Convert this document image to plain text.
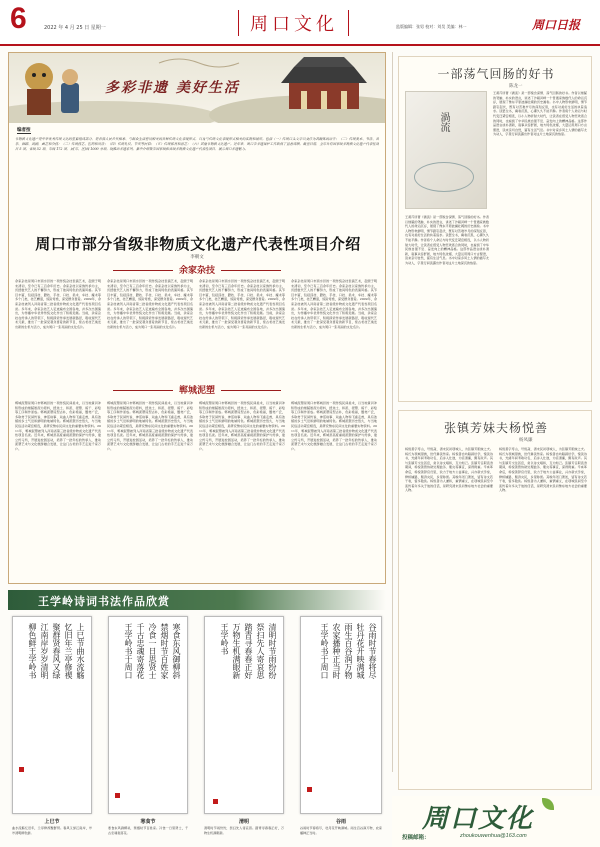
6	2022 年 4 月 25 日 星期一	周口文化	监版编辑：张男 校对：刘昊 美编：林一	周口日报
多彩非遗 美好生活
编者按
非物质文化遗产是中华优秀传统文化的重要组成部分，是各族人民世代相承、与群众生活密切相关的各种传统文化表现形式，以及与传统文化表现形式相关的实物和场所。包括（一）传统口头文学以及作为其载体的语言；（二）传统美术、书法、音乐、舞蹈、戏剧、曲艺和杂技；（三）传统技艺、医药和历法；（四）传统礼仪、节庆等民俗；（五）传统体育和游艺；（六）其他非物质文化遗产。近年来，周口市非遗保护工作取得了显著成绩，截至目前，全市共有国家级非物质文化遗产代表性项目 5 项、省级 52 项、市级 172 项，县(市、区)级 1000 余项。现推出非遗系列，集中介绍我市国家级和省级非物质文化遗产代表性项目，展示周口非遗魅力。
周口市部分省级非物质文化遗产代表性项目介绍
李朝文
余家杂技
余家杂技是周口市商水县的一项传统杂技表演艺术，起源于明末清初，至今已有三百余年历史。余家杂技以家族传承为主，历经数代艺人的不懈努力，形成了独具特色的表演风格。其节目丰富，包括顶技、蹬技、手技、口技、柔术、车技、魔术等多个门类，技艺精湛，惊险奇绝，深受群众喜爱。2009年，余家杂技被列入河南省第二批省级非物质文化遗产代表性项目名录。多年来，余家杂技艺人足迹遍布全国各地，并多次出国演出，为传播中华优秀传统文化作出了积极贡献。当前，余家杂技在传承人的带领下，积极探索传承发展新路径，吸收现代艺术元素，推出了一批深受观众喜爱的新节目，使古老技艺焕发出新的生机与活力，成为周口一张亮丽的文化名片。
余家杂技是周口市商水县的一项传统杂技表演艺术，起源于明末清初，至今已有三百余年历史。余家杂技以家族传承为主，历经数代艺人的不懈努力，形成了独具特色的表演风格。其节目丰富，包括顶技、蹬技、手技、口技、柔术、车技、魔术等多个门类，技艺精湛，惊险奇绝，深受群众喜爱。2009年，余家杂技被列入河南省第二批省级非物质文化遗产代表性项目名录。多年来，余家杂技艺人足迹遍布全国各地，并多次出国演出，为传播中华优秀传统文化作出了积极贡献。当前，余家杂技在传承人的带领下，积极探索传承发展新路径，吸收现代艺术元素，推出了一批深受观众喜爱的新节目，使古老技艺焕发出新的生机与活力，成为周口一张亮丽的文化名片。
余家杂技是周口市商水县的一项传统杂技表演艺术，起源于明末清初，至今已有三百余年历史。余家杂技以家族传承为主，历经数代艺人的不懈努力，形成了独具特色的表演风格。其节目丰富，包括顶技、蹬技、手技、口技、柔术、车技、魔术等多个门类，技艺精湛，惊险奇绝，深受群众喜爱。2009年，余家杂技被列入河南省第二批省级非物质文化遗产代表性项目名录。多年来，余家杂技艺人足迹遍布全国各地，并多次出国演出，为传播中华优秀传统文化作出了积极贡献。当前，余家杂技在传承人的带领下，积极探索传承发展新路径，吸收现代艺术元素，推出了一批深受观众喜爱的新节目，使古老技艺焕发出新的生机与活力，成为周口一张亮丽的文化名片。
余家杂技是周口市商水县的一项传统杂技表演艺术，起源于明末清初，至今已有三百余年历史。余家杂技以家族传承为主，历经数代艺人的不懈努力，形成了独具特色的表演风格。其节目丰富，包括顶技、蹬技、手技、口技、柔术、车技、魔术等多个门类，技艺精湛，惊险奇绝，深受群众喜爱。2009年，余家杂技被列入河南省第二批省级非物质文化遗产代表性项目名录。多年来，余家杂技艺人足迹遍布全国各地，并多次出国演出，为传播中华优秀传统文化作出了积极贡献。当前，余家杂技在传承人的带领下，积极探索传承发展新路径，吸收现代艺术元素，推出了一批深受观众喜爱的新节目，使古老技艺焕发出新的生机与活力，成为周口一张亮丽的文化名片。
郸城泥塑
郸城泥塑是周口市郸城县的一项传统民间美术，以当地黄河冲积形成的细腻胶泥为原料，经选土、和泥、捏塑、晾干、彩绘等工序制作而成。郸城泥塑造型古朴，色彩艳丽，题材广泛，多取材于民间传说、神话故事、戏曲人物和飞禽走兽，具有浓郁的乡土气息和鲜明的地域特色。郸城泥塑历史悠久，与当地民俗活动紧密相连，是研究豫东民间文化的重要实物资料。2011年，郸城泥塑被列入河南省第三批省级非物质文化遗产代表性项目名录。近年来，郸城县高度重视泥塑的保护与传承，建立传习所，开展进校园活动，培养了一批年轻的传承人，推动泥塑艺术与文化旅游融合发展，让这门古老的手艺走进千家万户。
郸城泥塑是周口市郸城县的一项传统民间美术，以当地黄河冲积形成的细腻胶泥为原料，经选土、和泥、捏塑、晾干、彩绘等工序制作而成。郸城泥塑造型古朴，色彩艳丽，题材广泛，多取材于民间传说、神话故事、戏曲人物和飞禽走兽，具有浓郁的乡土气息和鲜明的地域特色。郸城泥塑历史悠久，与当地民俗活动紧密相连，是研究豫东民间文化的重要实物资料。2011年，郸城泥塑被列入河南省第三批省级非物质文化遗产代表性项目名录。近年来，郸城县高度重视泥塑的保护与传承，建立传习所，开展进校园活动，培养了一批年轻的传承人，推动泥塑艺术与文化旅游融合发展，让这门古老的手艺走进千家万户。
郸城泥塑是周口市郸城县的一项传统民间美术，以当地黄河冲积形成的细腻胶泥为原料，经选土、和泥、捏塑、晾干、彩绘等工序制作而成。郸城泥塑造型古朴，色彩艳丽，题材广泛，多取材于民间传说、神话故事、戏曲人物和飞禽走兽，具有浓郁的乡土气息和鲜明的地域特色。郸城泥塑历史悠久，与当地民俗活动紧密相连，是研究豫东民间文化的重要实物资料。2011年，郸城泥塑被列入河南省第三批省级非物质文化遗产代表性项目名录。近年来，郸城县高度重视泥塑的保护与传承，建立传习所，开展进校园活动，培养了一批年轻的传承人，推动泥塑艺术与文化旅游融合发展，让这门古老的手艺走进千家万户。
郸城泥塑是周口市郸城县的一项传统民间美术，以当地黄河冲积形成的细腻胶泥为原料，经选土、和泥、捏塑、晾干、彩绘等工序制作而成。郸城泥塑造型古朴，色彩艳丽，题材广泛，多取材于民间传说、神话故事、戏曲人物和飞禽走兽，具有浓郁的乡土气息和鲜明的地域特色。郸城泥塑历史悠久，与当地民俗活动紧密相连，是研究豫东民间文化的重要实物资料。2011年，郸城泥塑被列入河南省第三批省级非物质文化遗产代表性项目名录。近年来，郸城县高度重视泥塑的保护与传承，建立传习所，开展进校园活动，培养了一批年轻的传承人，推动泥塑艺术与文化旅游融合发展，让这门古老的手艺走进千家万户。
王学岭诗词书法作品欣赏
上巳节曲水流觞
忆旧年兰亭修禊
聚群贤春风又绿
江南岸岁岁清明
柳色鲜王学岭书
上巳节
曲水流觞忆旧年，兰亭修禊聚群贤。春风又绿江南岸，岁岁清明柳色鲜。
寒食东风御柳斜
禁烟时节百姓家
冷食一日思贤士
千古忠魂寄落花
王学岭书于周口
寒食节
寒食东风御柳斜，禁烟时节百姓家。冷食一日思贤士，千古忠魂寄落花。
清明时节雨纷纷
祭扫先人寄哀思
踏青寻春春正好
万物生机满眼新
王学岭书
清明
清明时节雨纷纷，祭扫先人寄哀思。踏青寻春春正好，万物生机满眼新。
谷雨时节春将尽
牡丹花开映满城
雨生百谷润万物
农家播种正当时
王学岭书于周口
谷雨
谷雨时节春将尽，牡丹花开映满城。雨生百谷润万物，农家播种正当时。
一部荡气回肠的好书
陈龙一
渦流
王黄芹所著《渦流》是一部饱含深情、荡气回肠的好书。作者以细腻的笔触、朴实的语言，讲述了沙颍河畔一个普通家族数代人的命运沉浮，展现了豫东平原波澜壮阔的历史画卷。书中人物形象鲜明，情节跌宕起伏，既有对苦难岁月的深刻反思，也有对美好生活的执着追求。读罢全书，掩卷沉思，心潮久久不能平静。作者将个人命运与时代变迁紧密相连，以小人物折射大时代，让读者在感受人物悲欢离合的同时，也看到了中华民族自强不息、奋发向上的精神品格。这部作品语言质朴清新，叙事从容舒展，地方特色浓郁，大量运用周口方言俚语，读来亲切自然，富有生活气息。书中对家乡风土人情的描写尤为动人，字里行间流露出作者对这片土地深沉的热爱。
王黄芹所著《渦流》是一部饱含深情、荡气回肠的好书。作者以细腻的笔触、朴实的语言，讲述了沙颍河畔一个普通家族数代人的命运沉浮，展现了豫东平原波澜壮阔的历史画卷。书中人物形象鲜明，情节跌宕起伏，既有对苦难岁月的深刻反思，也有对美好生活的执着追求。读罢全书，掩卷沉思，心潮久久不能平静。作者将个人命运与时代变迁紧密相连，以小人物折射大时代，让读者在感受人物悲欢离合的同时，也看到了中华民族自强不息、奋发向上的精神品格。这部作品语言质朴清新，叙事从容舒展，地方特色浓郁，大量运用周口方言俚语，读来亲切自然，富有生活气息。书中对家乡风土人情的描写尤为动人，字里行间流露出作者对这片土地深沉的热爱。
张镇芳妹夫杨悦善
杨凤廉
杨悦善字寿山，号悦斋，清末民初项城人，为张镇芳胞妹之夫。杨氏为项城望族，世代耕读传家。杨悦善自幼聪颖好学，饱读诗书，光绪年间考取功名，后步入仕途，为官清廉，颇有政声。其与张镇芳交往甚密，常以诗文唱和，互为知己。张镇芳任职直隶期间，杨悦善曾协助处理盐务、赈灾等事宜，深得倚重。辛亥革命后，杨悦善辞官归里，致力于地方公益事业，兴办新式学堂，修桥铺路，赈济灾民，乡里称颂。其晚年闭门著述，留有诗文若干卷，惜多散佚。杨悦善为人谦和，重情重义，在项城民间至今流传着许多关于他的佳话，是研究清末民初豫东地方社会的重要人物。
杨悦善字寿山，号悦斋，清末民初项城人，为张镇芳胞妹之夫。杨氏为项城望族，世代耕读传家。杨悦善自幼聪颖好学，饱读诗书，光绪年间考取功名，后步入仕途，为官清廉，颇有政声。其与张镇芳交往甚密，常以诗文唱和，互为知己。张镇芳任职直隶期间，杨悦善曾协助处理盐务、赈灾等事宜，深得倚重。辛亥革命后，杨悦善辞官归里，致力于地方公益事业，兴办新式学堂，修桥铺路，赈济灾民，乡里称颂。其晚年闭门著述，留有诗文若干卷，惜多散佚。杨悦善为人谦和，重情重义，在项城民间至今流传着许多关于他的佳话，是研究清末民初豫东地方社会的重要人物。
周口文化
投稿邮箱：	zhoukouwenhua@163.com
